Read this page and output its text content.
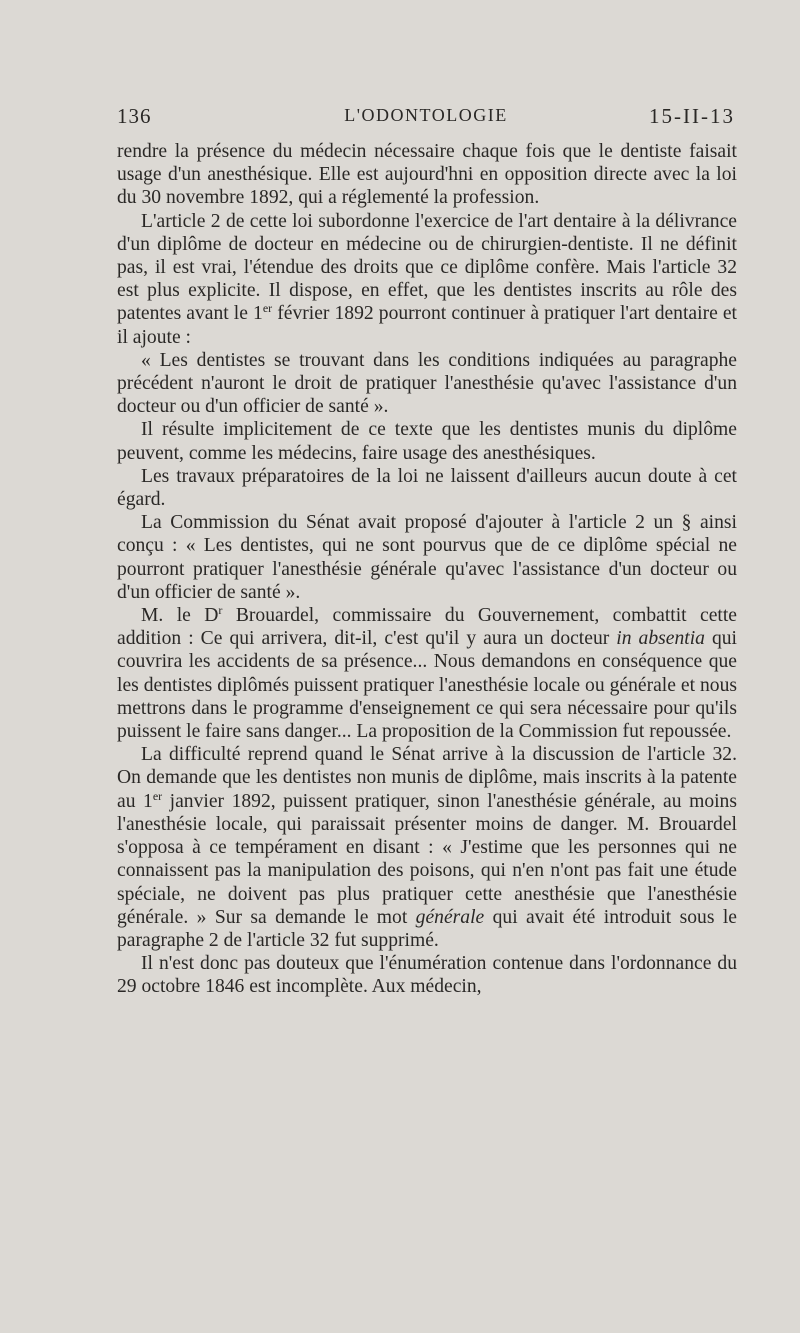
136	L'ODONTOLOGIE	15-II-13

rendre la présence du médecin nécessaire chaque fois que le dentiste faisait usage d'un anesthésique. Elle est aujourd'hni en opposition directe avec la loi du 30 novembre 1892, qui a réglementé la profession.

L'article 2 de cette loi subordonne l'exercice de l'art dentaire à la délivrance d'un diplôme de docteur en médecine ou de chirurgien-dentiste. Il ne définit pas, il est vrai, l'étendue des droits que ce diplôme confère. Mais l'article 32 est plus explicite. Il dispose, en effet, que les dentistes inscrits au rôle des patentes avant le 1er février 1892 pourront continuer à pratiquer l'art dentaire et il ajoute :

« Les dentistes se trouvant dans les conditions indiquées au paragraphe précédent n'auront le droit de pratiquer l'anesthésie qu'avec l'assistance d'un docteur ou d'un officier de santé ».

Il résulte implicitement de ce texte que les dentistes munis du diplôme peuvent, comme les médecins, faire usage des anesthésiques.

Les travaux préparatoires de la loi ne laissent d'ailleurs aucun doute à cet égard.

La Commission du Sénat avait proposé d'ajouter à l'article 2 un § ainsi conçu : « Les dentistes, qui ne sont pourvus que de ce diplôme spécial ne pourront pratiquer l'anesthésie générale qu'avec l'assistance d'un docteur ou d'un officier de santé ».

M. le $D^r$ Brouardel, commissaire du Gouvernement, combattit cette addition : Ce qui arrivera, dit-il, c'est qu'il y aura un docteur in absentia qui couvrira les accidents de sa présence... Nous demandons en conséquence que les dentistes diplômés puissent pratiquer l'anesthésie locale ou générale et nous mettrons dans le programme d'enseignement ce qui sera nécessaire pour qu'ils puissent le faire sans danger... La proposition de la Commission fut repoussée.

La difficulté reprend quand le Sénat arrive à la discussion de l'article 32. On demande que les dentistes non munis de diplôme, mais inscrits à la patente au 1er janvier 1892, puissent pratiquer, sinon l'anesthésie générale, au moins l'anesthésie locale, qui paraissait présenter moins de danger. M. Brouardel s'opposa à ce tempérament en disant : « J'estime que les personnes qui ne connaissent pas la manipulation des poisons, qui n'en n'ont pas fait une étude spéciale, ne doivent pas plus pratiquer cette anesthésie que l'anesthésie générale. » Sur sa demande le mot générale qui avait été introduit sous le paragraphe 2 de l'article 32 fut supprimé.

Il n'est donc pas douteux que l'énumération contenue dans l'ordonnance du 29 octobre 1846 est incomplète. Aux médecin,
